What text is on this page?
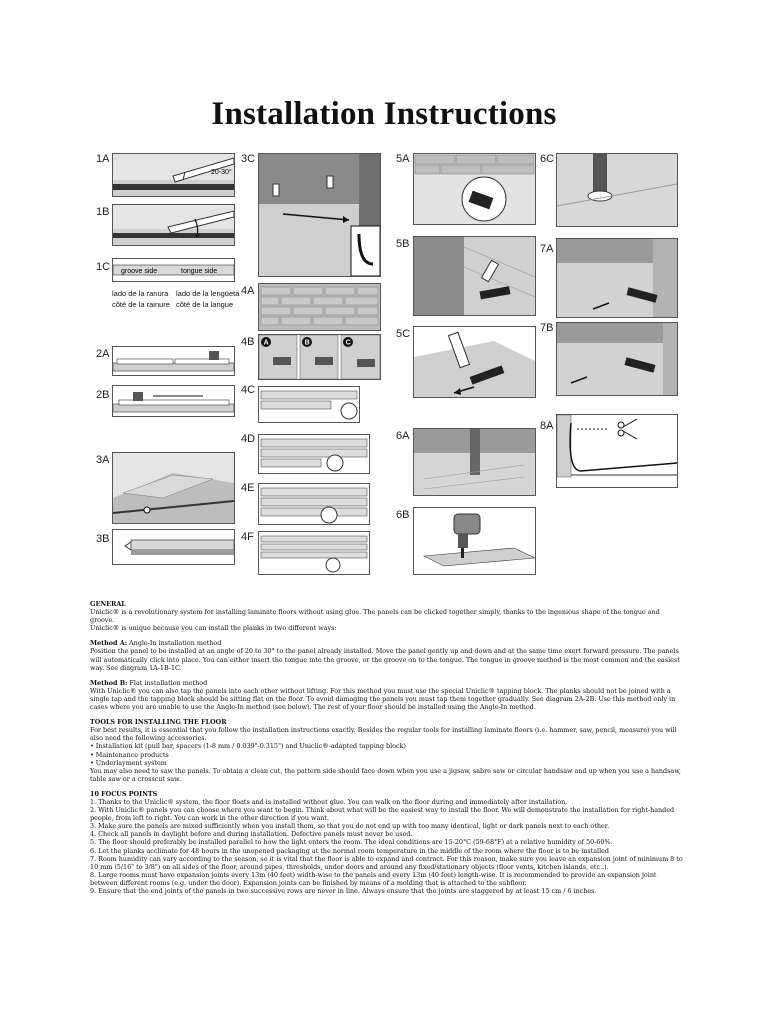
Installation Instructions
1A
20-30°
1B
1C groove side	tongue side
lado de la ranura
côté de la rainure
lado de la lengüeta
côté de la langue
2A
2B
3A
3B
3C
4A
4B A	B	C
4C
4D
4E
4F
5A
5B
5C
6A
6B
6C
7A
7B
8A

GENERAL

Uniclic® is a revolutionary system for installing laminate floors without using glue. The panels can be clicked together simply, thanks to the ingenious shape of the tongue and groove.

Uniclic® is unique because you can install the planks in two different ways:

Method A: Angle-In installation method

Position the panel to be installed at an angle of 20 to 30° to the panel already installed. Move the panel gently up and down and at the same time exert forward pressure. The panels will automatically click into place. You can either insert the tongue into the groove, or the groove on to the tongue. The tongue in groove method is the most common and the easiest way. See diagram 1A-1B-1C.

Method B: Flat installation method

With Uniclic® you can also tap the panels into each other without lifting. For this method you must use the special Uniclic® tapping block. The planks should not be joined with a single tap and the tapping block should be sitting flat on the floor. To avoid damaging the panels you must tap them together gradually. See diagram 2A-2B. Use this method only in cases where you are unable to use the Angle-In method (see below). The rest of your floor should be installed using the Angle-In method.

TOOLS FOR INSTALLING THE FLOOR

For best results, it is essential that you follow the installation instructions exactly. Besides the regular tools for installing laminate floors (i.e. hammer, saw, pencil, measure) you will also need the following accessories.

• Installation kit (pull bar, spacers (1-8 mm / 0.039"-0.315") and Uniclic®-adapted tapping block)

• Maintenance products

• Underlayment system

You may also need to saw the panels. To obtain a clean cut, the pattern side should face down when you use a jigsaw, sabre saw or circular handsaw and up when you use a handsaw, table saw or a crosscut saw.

10 FOCUS POINTS

1. Thanks to the Uniclic® system, the floor floats and is installed without glue. You can walk on the floor during and immediately after installation.

2. With Uniclic® panels you can choose where you want to begin. Think about what will be the easiest way to install the floor. We will demonstrate the installation for right-handed people, from left to right. You can work in the other direction if you want.

3. Make sure the panels are mixed sufficiently when you install them, so that you do not end up with too many identical, light or dark panels next to each other.

4. Check all panels in daylight before and during installation. Defective panels must never be used.

5. The floor should preferably be installed parallel to how the light enters the room. The ideal conditions are 15-20°C (59-68°F) at a relative humidity of 50-60%.

6. Let the planks acclimate for 48 hours in the unopened packaging at the normal room temperature in the middle of the room where the floor is to be installed

7. Room humidity can vary according to the season, so it is vital that the floor is able to expand and contract. For this reason, make sure you leave an expansion joint of minimum 8 to 10 mm (5/16" to 3/8") on all sides of the floor, around pipes, thresholds, under doors and around any fixed/stationary objects (floor vents, kitchen islands, etc..).

8. Large rooms must have expansion joints every 13m (40 feet) width-wise to the panels and every 13m (40 feet) length-wise. It is recommended to provide an expansion joint between different rooms (e.g. under the door). Expansion joints can be finished by means of a molding that is attached to the subfloor.

9. Ensure that the end joints of the panels in two successive rows are never in line. Always ensure that the joints are staggered by at least 15 cm / 6 inches.
